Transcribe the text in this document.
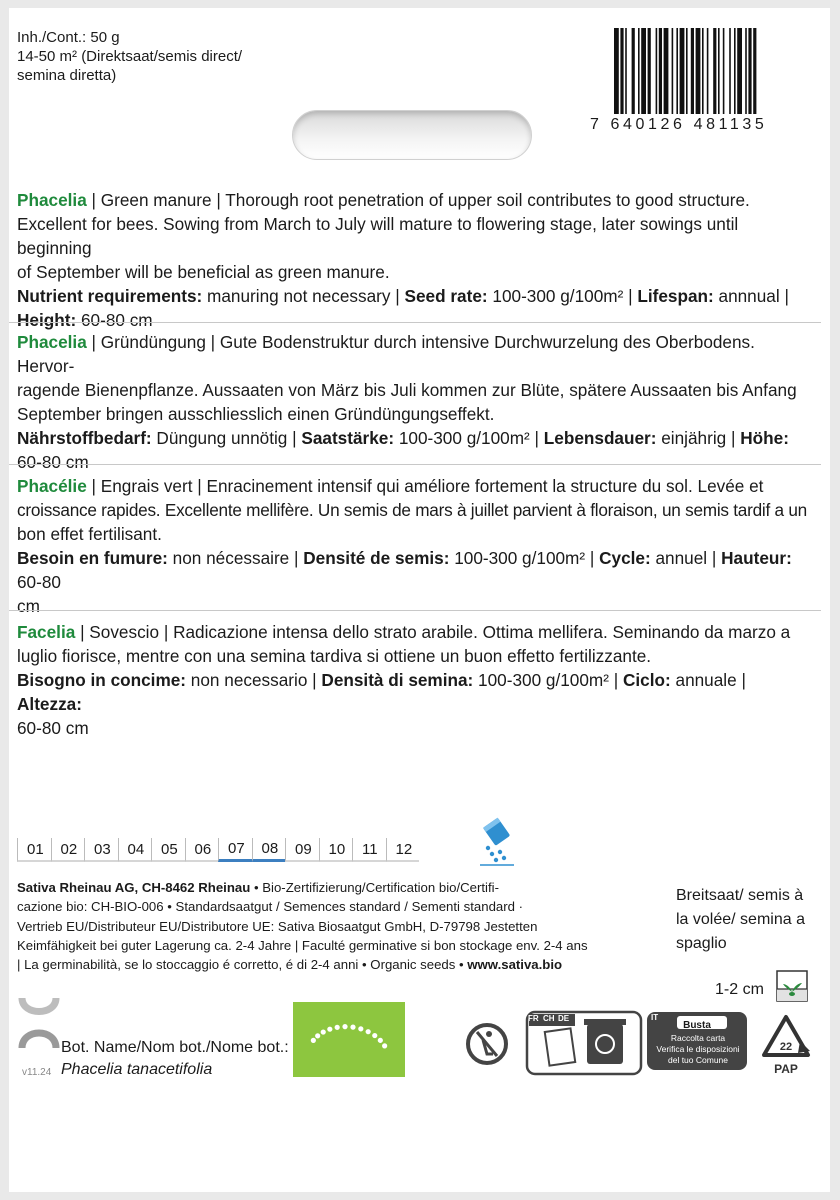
Inh./Cont.: 50 g
14-50 m² (Direktsaat/semis direct/
semina diretta)
7 640126 481135

Phacelia | Green manure | Thorough root penetration of upper soil contributes to good structure.

Excellent for bees. Sowing from March to July will mature to flowering stage, later sowings until beginning

of September will be beneficial as green manure.

Nutrient requirements: manuring not necessary | Seed rate: 100-300 g/100m² | Lifespan: annnual |

Height: 60-80 cm

Phacelia | Gründüngung | Gute Bodenstruktur durch intensive Durchwurzelung des Oberbodens. Hervor-

ragende Bienenpflanze. Aussaaten von März bis Juli kommen zur Blüte, spätere Aussaaten bis Anfang

September bringen ausschliesslich einen Gründüngungseffekt.

Nährstoffbedarf: Düngung unnötig | Saatstärke: 100-300 g/100m² | Lebensdauer: einjährig | Höhe:

60-80 cm

Phacélie | Engrais vert | Enracinement intensif qui améliore fortement la structure du sol. Levée et

croissance rapides. Excellente mellifère. Un semis de mars à juillet parvient à floraison, un semis tardif a un

bon effet fertilisant.

Besoin en fumure: non nécessaire | Densité de semis: 100-300 g/100m² | Cycle: annuel | Hauteur: 60-80

cm

Facelia | Sovescio | Radicazione intensa dello strato arabile. Ottima mellifera. Seminando da marzo a

luglio fiorisce, mentre con una semina tardiva si ottiene un buon effetto fertilizzante.

Bisogno in concime: non necessario | Densità di semina: 100-300 g/100m² | Ciclo: annuale | Altezza:

60-80 cm

01	02	03	04	05	06	07	08	09	10	11	12
Sativa Rheinau AG, CH-8462 Rheinau • Bio-Zertifizierung/Certification bio/Certifi-
cazione bio: CH-BIO-006 • Standardsaatgut / Semences standard / Sementi standard ·
Vertrieb EU/Distributeur EU/Distributore UE: Sativa Biosaatgut GmbH, D-79798 Jestetten
Keimfähigkeit bei guter Lagerung ca. 2-4 Jahre | Faculté germinative si bon stockage env. 2-4 ans
| La germinabilità, se lo stoccaggio é corretto, é di 2-4 anni • Organic seeds • www.sativa.bio
Breitsaat/ semis à
la volée/ semina a
spaglio
1-2 cm
Bot. Name/Nom bot./Nome bot.:
Phacelia tanacetifolia
v11.24
FR CH DE	IT
Busta
Raccolta carta
Verifica le disposizioni
del tuo Comune
22
PAP
